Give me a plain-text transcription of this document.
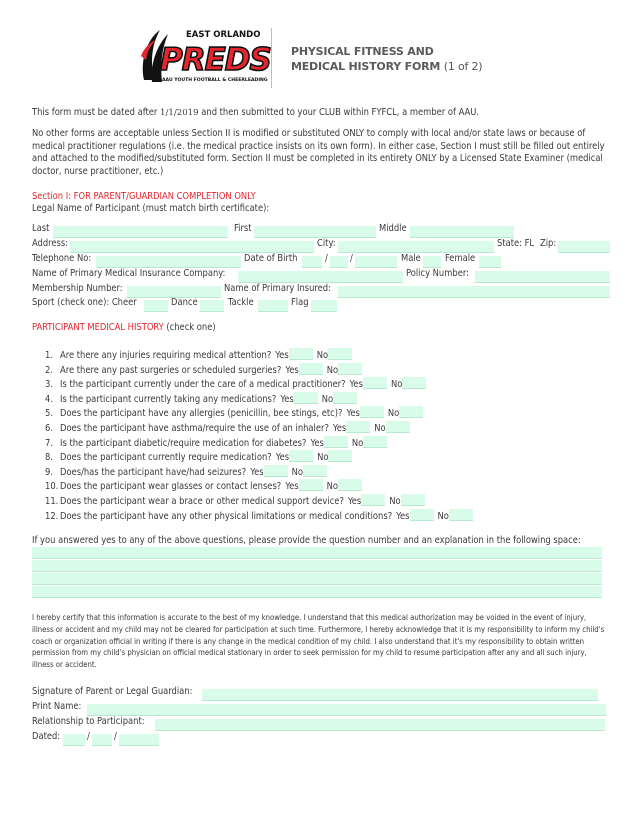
EAST ORLANDO
PREDS
AAU YOUTH FOOTBALL & CHEERLEADING
PHYSICAL FITNESS AND
MEDICAL HISTORY FORM (1 of 2)
This form must be dated after 1/1/2019 and then submitted to your CLUB within FYFCL, a member of AAU.
No other forms are acceptable unless Section II is modified or substituted ONLY to comply with local and/or state laws or because of medical practitioner regulations (i.e. the medical practice insists on its own form). In either case, Section I must still be filled out entirely and attached to the modified/substituted form. Section II must be completed in its entirety ONLY by a Licensed State Examiner (medical doctor, nurse practitioner, etc.)
Section I: FOR PARENT/GUARDIAN COMPLETION ONLY
Legal Name of Participant (must match birth certificate):
Last	First	Middle
Address:	City:	State: FL Zip:
Telephone No:	Date of Birth	/ /	Male	Female
Name of Primary Medical Insurance Company:	Policy Number:
Membership Number:	Name of Primary Insured:
Sport (check one): Cheer	Dance	Tackle	Flag
PARTICIPANT MEDICAL HISTORY (check one)
1. Are there any injuries requiring medical attention? Yes	No
2. Are there any past surgeries or scheduled surgeries? Yes	No
3. Is the participant currently under the care of a medical practitioner? Yes	No
4. Is the participant currently taking any medications? Yes	No
5. Does the participant have any allergies (penicillin, bee stings, etc)? Yes	No
6. Does the participant have asthma/require the use of an inhaler? Yes	No
7. Is the participant diabetic/require medication for diabetes? Yes	No
8. Does the participant currently require medication? Yes	No
9. Does/has the participant have/had seizures? Yes	No
10. Does the participant wear glasses or contact lenses? Yes	No
11. Does the participant wear a brace or other medical support device? Yes	No
12. Does the participant have any other physical limitations or medical conditions? Yes	No
If you answered yes to any of the above questions, please provide the question number and an explanation in the following space:
I hereby certify that this information is accurate to the best of my knowledge. I understand that this medical authorization may be voided in the event of injury, illness or accident and my child may not be cleared for participation at such time. Furthermore, I hereby acknowledge that it is my responsibility to inform my child's coach or organization official in writing if there is any change in the medical condition of my child. I also understand that it's my responsibility to obtain written permission from my child's physician on official medical stationary in order to seek permission for my child to resume participation after any and all such injury, illness or accident.
Signature of Parent or Legal Guardian:
Print Name:
Relationship to Participant:
Dated:	/	/
